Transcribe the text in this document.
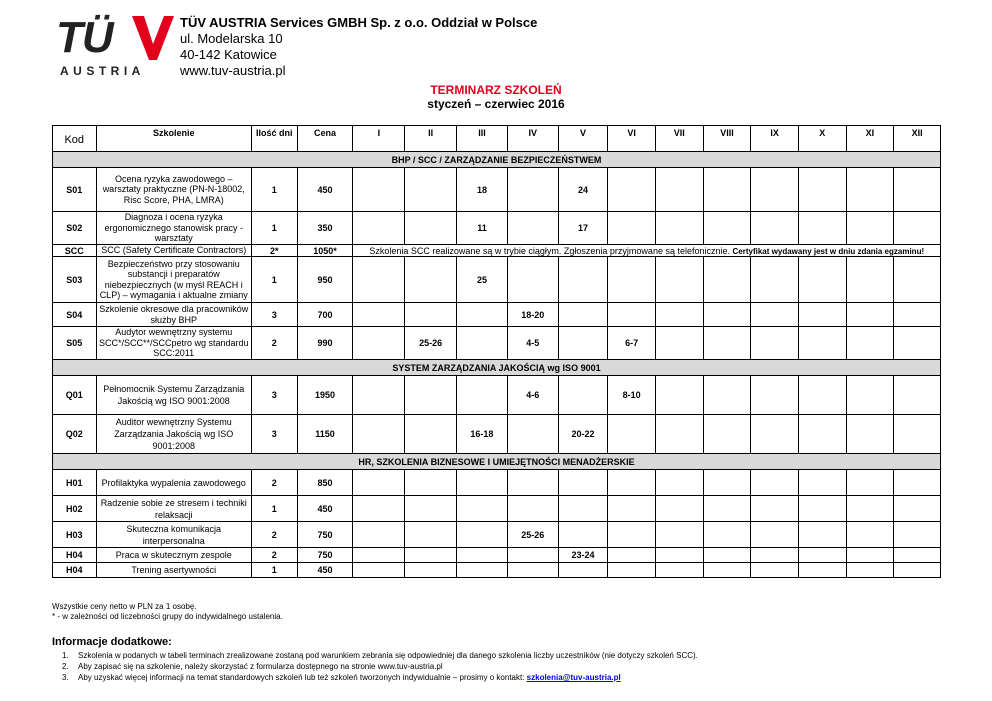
TÜ
AUSTRIA
TÜV AUSTRIA Services GMBH Sp. z o.o. Oddział w Polsce
ul. Modelarska 10
40-142 Katowice
www.tuv-austria.pl
TERMINARZ SZKOLEŃ
styczeń – czerwiec 2016
Kod	Szkolenie	Ilość dni	Cena	I	II	III	IV	V	VI	VII	VIII	IX	X	XI	XII
BHP / SCC / ZARZĄDZANIE BEZPIECZEŃSTWEM															
S01	Ocena ryzyka zawodowego – warsztaty praktyczne (PN-N-18002, Risc Score, PHA, LMRA)	1	450			18		24							
S02	Diagnoza i ocena ryzyka ergonomicznego stanowisk pracy - warsztaty	1	350			11		17							
SCC	SCC (Safety Certificate Contractors)	2*	1050*	Szkolenia SCC realizowane są w trybie ciągłym. Zgłoszenia przyjmowane są telefonicznie. Certyfikat wydawany jest w dniu zdania egzaminu!											
S03	Bezpieczeństwo przy stosowaniu substancji i preparatów niebezpiecznych (w myśl REACH i CLP) – wymagania i aktualne zmiany	1	950			25									
S04	Szkolenie okresowe dla pracowników służby BHP	3	700				18-20								
S05	Audytor wewnętrzny systemu SCC*/SCC**/SCCpetro wg standardu SCC:2011	2	990		25-26		4-5		6-7						
SYSTEM ZARZĄDZANIA JAKOŚCIĄ wg ISO 9001															
Q01	Pełnomocnik Systemu Zarządzania Jakością wg ISO 9001:2008	3	1950				4-6		8-10						
Q02	Auditor wewnętrzny Systemu Zarządzania Jakością wg ISO 9001:2008	3	1150			16-18		20-22							
HR, SZKOLENIA BIZNESOWE I UMIEJĘTNOŚCI MENADŻERSKIE															
H01	Profilaktyka wypalenia zawodowego	2	850												
H02	Radzenie sobie ze stresem i techniki relaksacji	1	450												
H03	Skuteczna komunikacja interpersonalna	2	750				25-26								
H04	Praca w skutecznym zespole	2	750					23-24							
H04	Trening asertywności	1	450												
Wszystkie ceny netto w PLN za 1 osobę.
* - w zależności od liczebności grupy do indywidalnego ustalenia.
Informacje dodatkowe:
1. Szkolenia w podanych w tabeli terminach zrealizowane zostaną pod warunkiem zebrania się odpowiedniej dla danego szkolenia liczby uczestników (nie dotyczy szkoleń SCC).
2. Aby zapisać się na szkolenie, należy skorzystać z formularza dostępnego na stronie www.tuv-austria.pl
3. Aby uzyskać więcej informacji na temat standardowych szkoleń lub też szkoleń tworzonych indywidualnie – prosimy o kontakt: szkolenia@tuv-austria.pl
